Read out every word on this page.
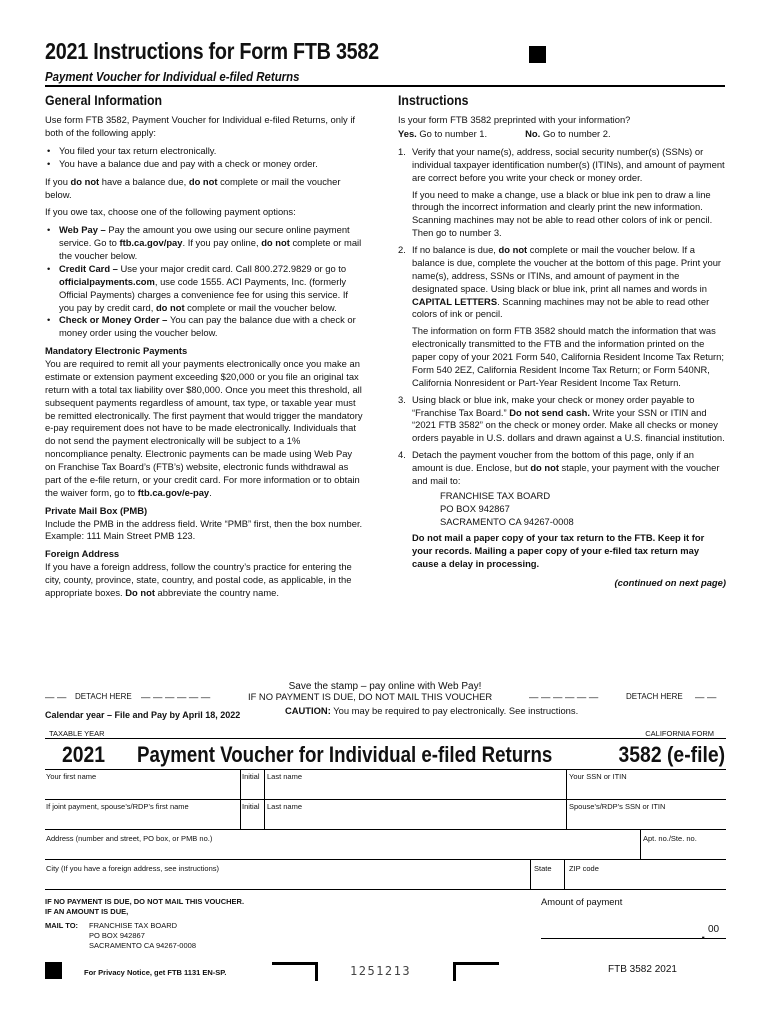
2021 Instructions for Form FTB 3582
Payment Voucher for Individual e-filed Returns
General Information

Use form FTB 3582, Payment Voucher for Individual e-filed Returns, only if both of the following apply:

• You filed your tax return electronically.
• You have a balance due and pay with a check or money order.

If you do not have a balance due, do not complete or mail the voucher below.

If you owe tax, choose one of the following payment options:

• Web Pay – Pay the amount you owe using our secure online payment service. Go to ftb.ca.gov/pay. If you pay online, do not complete or mail the voucher below.
• Credit Card – Use your major credit card. Call 800.272.9829 or go to officialpayments.com, use code 1555. ACI Payments, Inc. (formerly Official Payments) charges a convenience fee for using this service. If you pay by credit card, do not complete or mail the voucher below.
• Check or Money Order – You can pay the balance due with a check or money order using the voucher below.
Mandatory Electronic Payments

You are required to remit all your payments electronically once you make an estimate or extension payment exceeding $20,000 or you file an original tax return with a total tax liability over $80,000. Once you meet this threshold, all subsequent payments regardless of amount, tax type, or taxable year must be remitted electronically. The first payment that would trigger the mandatory e-pay requirement does not have to be made electronically. Individuals that do not send the payment electronically will be subject to a 1% noncompliance penalty. Electronic payments can be made using Web Pay on Franchise Tax Board’s (FTB’s) website, electronic funds withdrawal as part of the e-file return, or your credit card. For more information or to obtain the waiver form, go to ftb.ca.gov/e-pay.

Private Mail Box (PMB)

Include the PMB in the address field. Write “PMB” first, then the box number. Example: 111 Main Street PMB 123.

Foreign Address

If you have a foreign address, follow the country’s practice for entering the city, county, province, state, country, and postal code, as applicable, in the appropriate boxes. Do not abbreviate the country name.

Instructions

Is your form FTB 3582 preprinted with your information?

Yes. Go to number 1.	No. Go to number 2.

1. Verify that your name(s), address, social security number(s) (SSNs) or individual taxpayer identification number(s) (ITINs), and amount of payment are correct before you write your check or money order.

If you need to make a change, use a black or blue ink pen to draw a line through the incorrect information and clearly print the new information. Scanning machines may not be able to read other colors of ink or pencil. Then go to number 3.

2. If no balance is due, do not complete or mail the voucher below. If a balance is due, complete the voucher at the bottom of this page. Print your name(s), address, SSNs or ITINs, and amount of payment in the designated space. Using black or blue ink, print all names and words in CAPITAL LETTERS. Scanning machines may not be able to read other colors of ink or pencil.

The information on form FTB 3582 should match the information that was electronically transmitted to the FTB and the information printed on the paper copy of your 2021 Form 540, California Resident Income Tax Return; Form 540 2EZ, California Resident Income Tax Return; or Form 540NR, California Nonresident or Part-Year Resident Income Tax Return.

3. Using black or blue ink, make your check or money order payable to “Franchise Tax Board.” Do not send cash. Write your SSN or ITIN and “2021 FTB 3582” on the check or money order. Make all checks or money orders payable in U.S. dollars and drawn against a U.S. financial institution.

4. Detach the payment voucher from the bottom of this page, only if an amount is due. Enclose, but do not staple, your payment with the voucher and mail to:

FRANCHISE TAX BOARD
PO BOX 942867
SACRAMENTO CA 94267-0008
Do not mail a paper copy of your tax return to the FTB. Keep it for your records. Mailing a paper copy of your e-filed tax return may cause a delay in processing.
(continued on next page)
Save the stamp – pay online with Web Pay!
— — DETACH HERE — — — — — —	IF NO PAYMENT IS DUE, DO NOT MAIL THIS VOUCHER	— — — — — —	DETACH HERE — —
Calendar year – File and Pay by April 18, 2022	CAUTION: You may be required to pay electronically. See instructions.
TAXABLE YEAR	CALIFORNIA FORM
2021 Payment Voucher for Individual e-filed Returns	3582 (e-file)
Your first name	Initial Last name	Your SSN or ITIN
If joint payment, spouse’s/RDP’s first name	Initial Last name	Spouse’s/RDP’s SSN or ITIN
Address (number and street, PO box, or PMB no.)	Apt. no./Ste. no.
City (If you have a foreign address, see instructions)	State ZIP code
IF NO PAYMENT IS DUE, DO NOT MAIL THIS VOUCHER.
IF AN AMOUNT IS DUE,
MAIL TO: FRANCHISE TAX BOARD
PO BOX 942867
SACRAMENTO CA 94267-0008
Amount of payment
. 00
For Privacy Notice, get FTB 1131 EN-SP.	1251213	FTB 3582 2021
